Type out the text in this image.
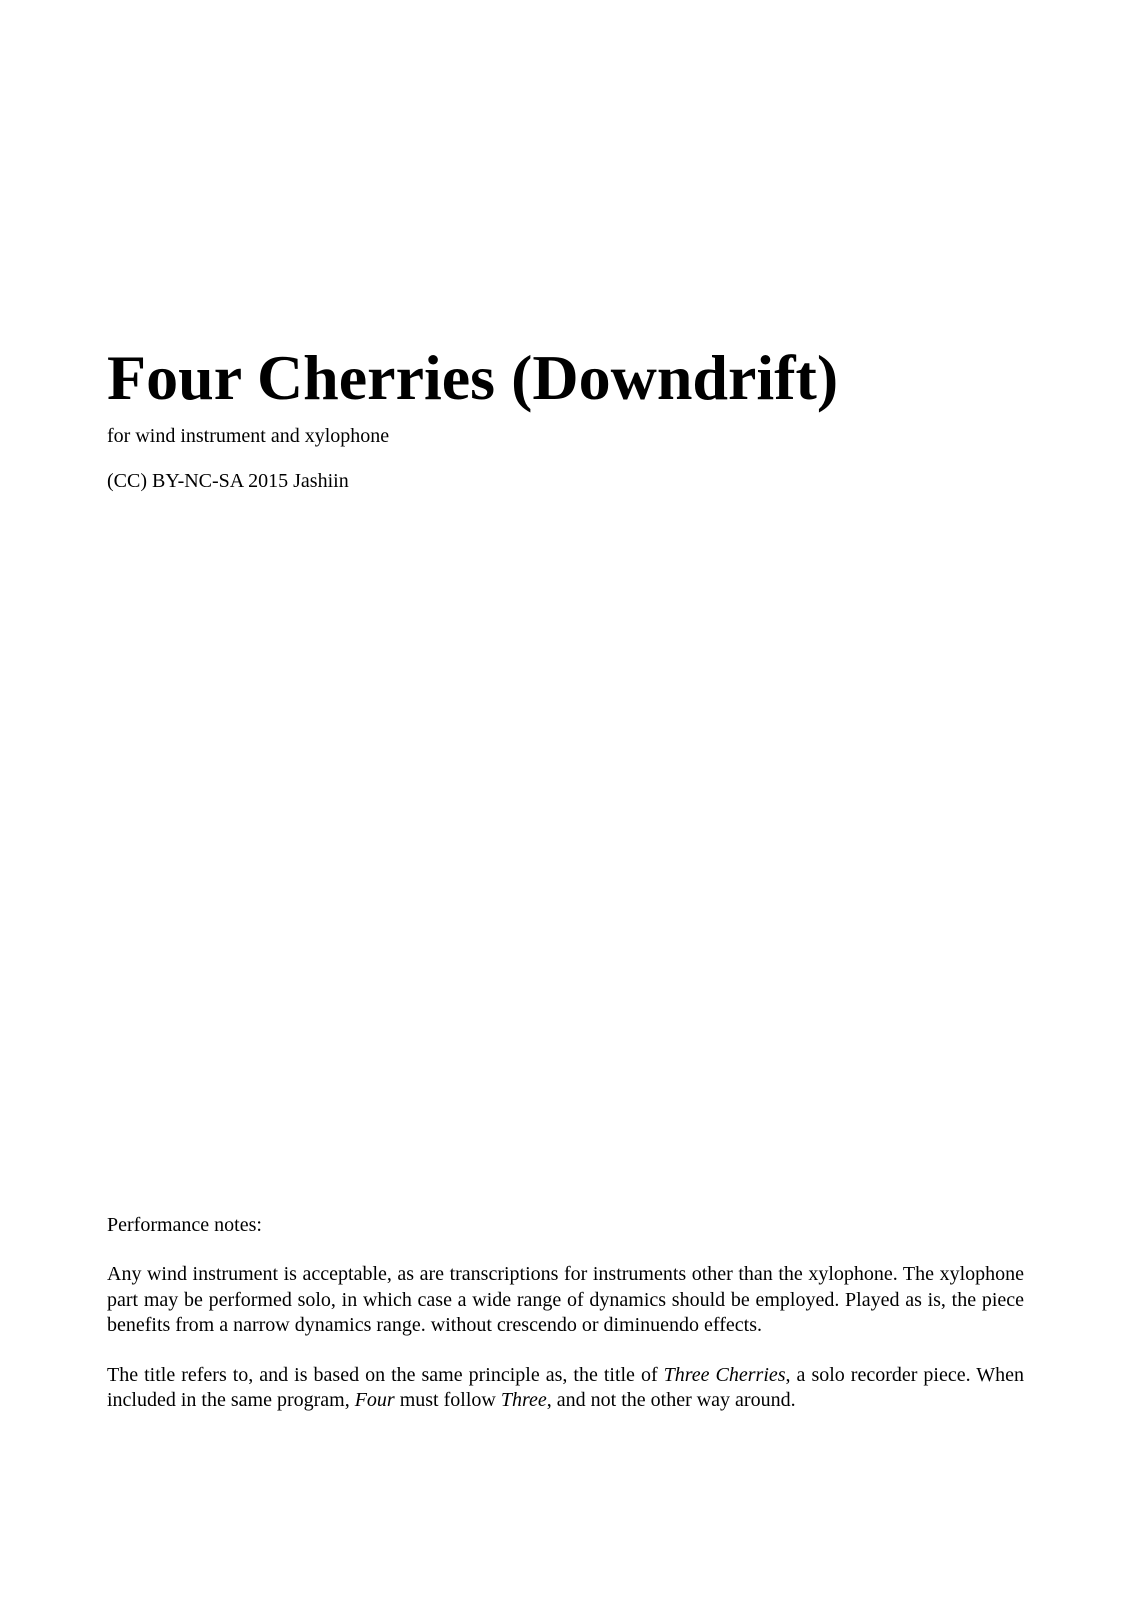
Four Cherries (Downdrift)

for wind instrument and xylophone

(CC) BY-NC-SA 2015 Jashiin

Performance notes:

Any wind instrument is acceptable, as are transcriptions for instruments other than the xylophone. The xylophone part may be performed solo, in which case a wide range of dynamics should be employed. Played as is, the piece benefits from a narrow dynamics range. without crescendo or diminuendo effects.

The title refers to, and is based on the same principle as, the title of Three Cherries, a solo recorder piece. When included in the same program, Four must follow Three, and not the other way around.
